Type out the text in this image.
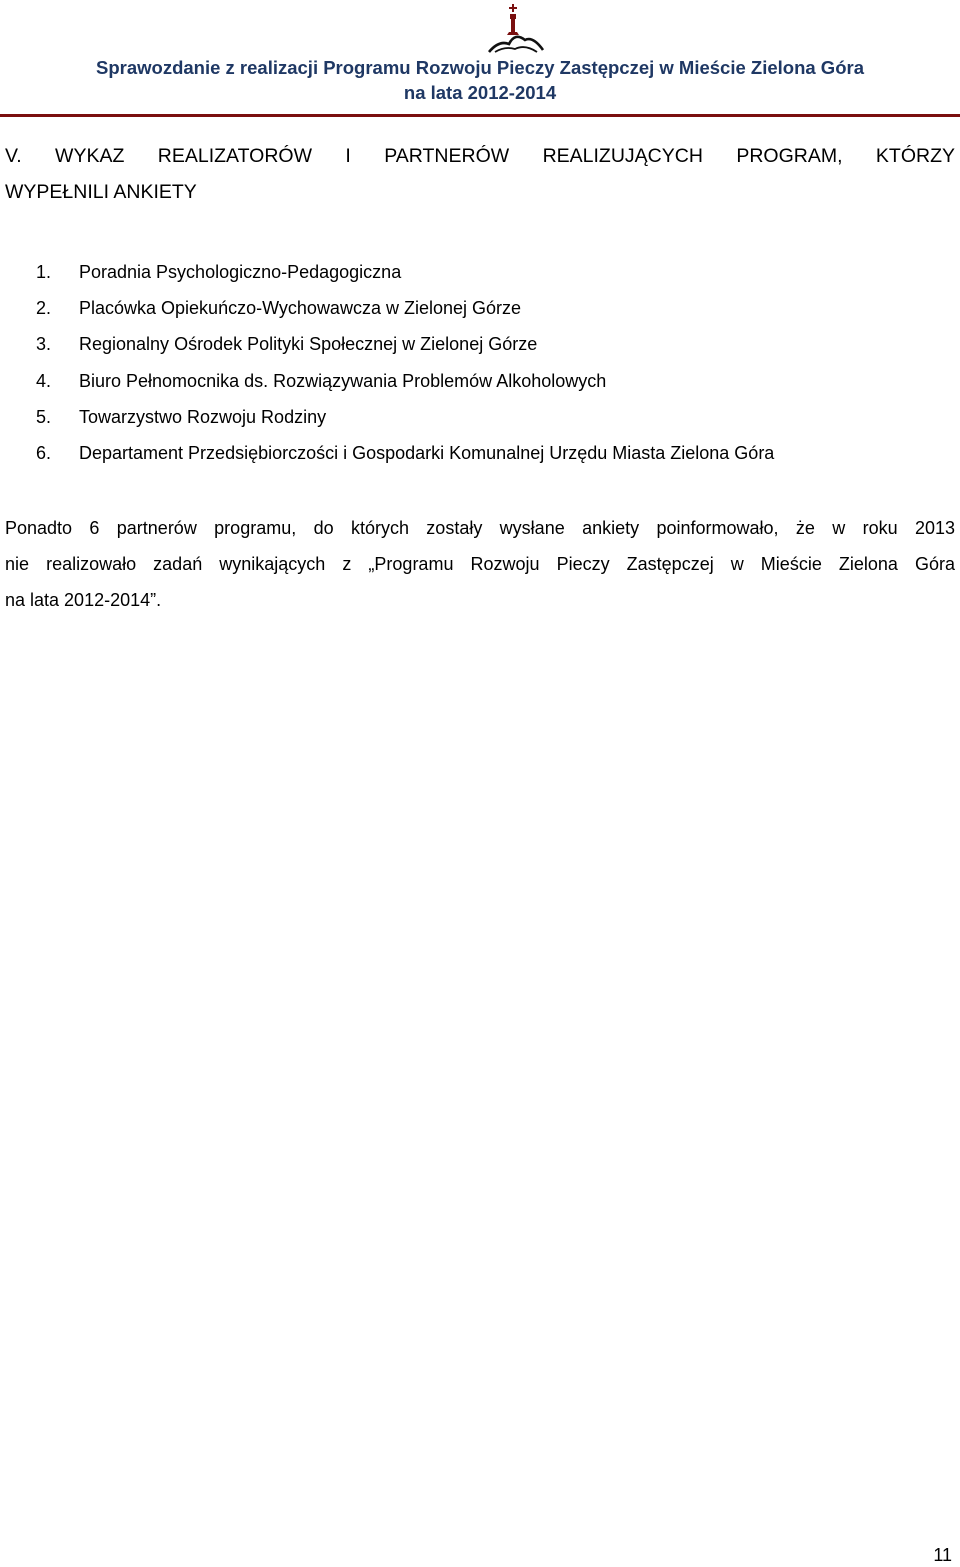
Sprawozdanie z realizacji Programu Rozwoju Pieczy Zastępczej w Mieście Zielona Góra
na lata 2012-2014
V. WYKAZ REALIZATORÓW I PARTNERÓW REALIZUJĄCYCH PROGRAM, KTÓRZY
WYPEŁNILI ANKIETY
1. Poradnia Psychologiczno-Pedagogiczna
2. Placówka Opiekuńczo-Wychowawcza w Zielonej Górze
3. Regionalny Ośrodek Polityki Społecznej w Zielonej Górze
4. Biuro Pełnomocnika ds. Rozwiązywania Problemów Alkoholowych
5. Towarzystwo Rozwoju Rodziny
6. Departament Przedsiębiorczości i Gospodarki Komunalnej Urzędu Miasta Zielona Góra
Ponadto 6 partnerów programu, do których zostały wysłane ankiety poinformowało, że w roku 2013
nie realizowało zadań wynikających z „Programu Rozwoju Pieczy Zastępczej w Mieście Zielona Góra
na lata 2012-2014”.
11
